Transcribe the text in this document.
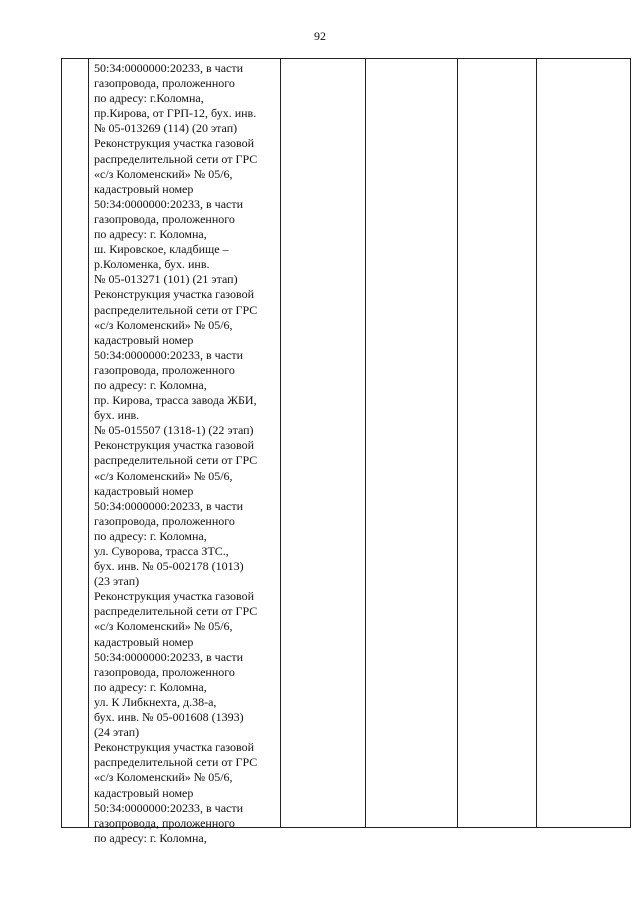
92
50:34:0000000:20233, в части
газопровода, проложенного
по адресу: г.Коломна,
пр.Кирова, от ГРП-12, бух. инв.
№ 05-013269 (114) (20 этап)
Реконструкция участка газовой
распределительной сети от ГРС
«с/з Коломенский» № 05/6,
кадастровый номер
50:34:0000000:20233, в части
газопровода, проложенного
по адресу: г. Коломна,
ш. Кировское, кладбище –
р.Коломенка, бух. инв.
№ 05-013271 (101) (21 этап)
Реконструкция участка газовой
распределительной сети от ГРС
«с/з Коломенский» № 05/6,
кадастровый номер
50:34:0000000:20233, в части
газопровода, проложенного
по адресу: г. Коломна,
пр. Кирова, трасса завода ЖБИ,
бух. инв.
№ 05-015507 (1318-1) (22 этап)
Реконструкция участка газовой
распределительной сети от ГРС
«с/з Коломенский» № 05/6,
кадастровый номер
50:34:0000000:20233, в части
газопровода, проложенного
по адресу: г. Коломна,
ул. Суворова, трасса ЗТС.,
бух. инв. № 05-002178 (1013)
(23 этап)
Реконструкция участка газовой
распределительной сети от ГРС
«с/з Коломенский» № 05/6,
кадастровый номер
50:34:0000000:20233, в части
газопровода, проложенного
по адресу: г. Коломна,
ул. К Либкнехта, д.38-а,
бух. инв. № 05-001608 (1393)
(24 этап)
Реконструкция участка газовой
распределительной сети от ГРС
«с/з Коломенский» № 05/6,
кадастровый номер
50:34:0000000:20233, в части
газопровода, проложенного
по адресу: г. Коломна,
